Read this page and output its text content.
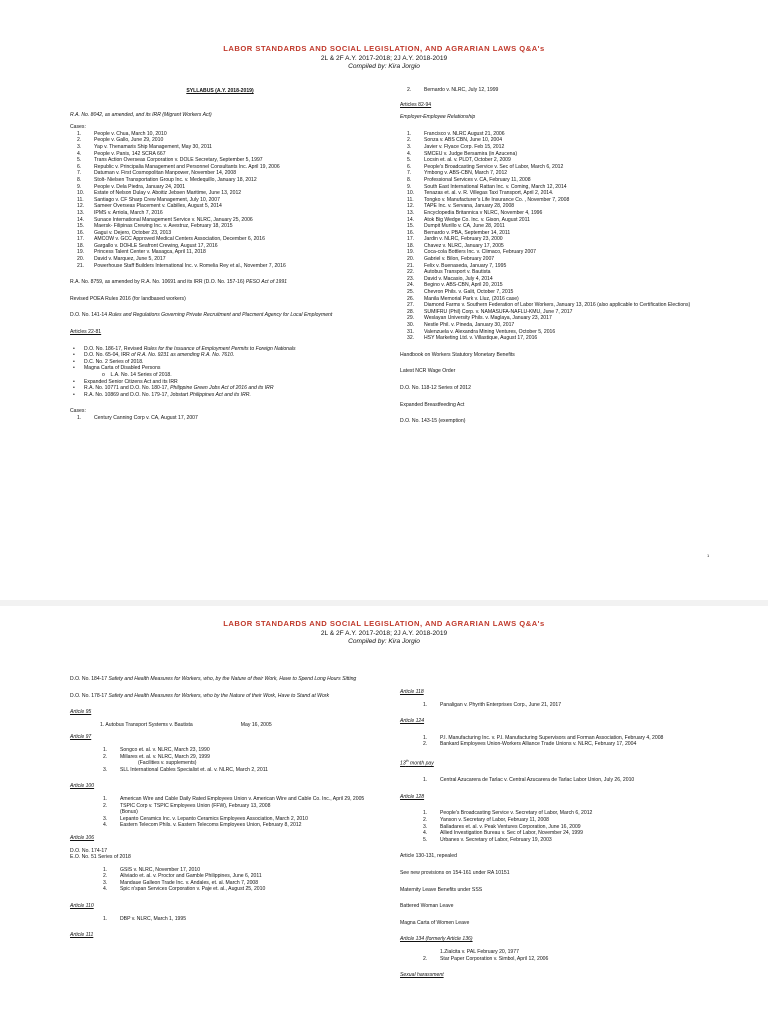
LABOR STANDARDS AND SOCIAL LEGISLATION, AND AGRARIAN LAWS Q&A's
2L & 2F A.Y. 2017-2018; 2J A.Y. 2018-2019
Compiled by: Kira Jorgio

SYLLABUS (A.Y. 2018-2019)

R.A. No. 8042, as amended, and its IRR (Migrant Workers Act)

Cases:

1.	People v. Chua, March 10, 2010
2.	People v. Gallo, June 29, 2010
3.	Yap v. Thenamaris Ship Management, May 30, 2011
4.	People v. Panis, 142 SCRA 667
5.	Trans Action Overseas Corporation v. DOLE Secretary, September 5, 1997
6.	Republic v. Principalia Management and Personnel Consultants Inc. April 19, 2006
7.	Datuman v. First Cosmopolitan Manpower, November 14, 2008
8.	Stolt- Nielsen Transportation Group Inc. v. Medequillo, January 18, 2012
9.	People v. Dela Piedra, January 24, 2001
10. Estate of Nelson Dulay v. Aboitiz Jebsen Maritime, June 13, 2012
11. Santiago v. CF Sharp Crew Management, July 10, 2007
12. Sameer Overseas Placement v. Cabilles, August 5, 2014
13. IPMS v. Arriola, March 7, 2016
14. Sunace International Management Service v. NLRC, January 25, 2006
15. Maersk- Filipinas Crewing Inc. v. Avestruz, February 18, 2015
16. Gagui v. Dejero, October 23, 2013
17. AMCOW v. GCC Approved Medical Centers Association, December 6, 2016
18. Gargallo v. DOHLE Seafront Crewing, August 17, 2016
19. Princess Talent Center v. Masagca, April 11, 2018
20. David v. Marquez, June 5, 2017
21. Powerhouse Staff Builders International Inc. v. Romelia Rey et al., November 7, 2016

R.A. No. 8759, as amended by R.A. No. 10691 and its IRR (D.O. No. 157-16) PESO Act of 1991

Revised POEA Rules 2016 (for landbased workers)

D.O. No. 141-14 Rules and Regulations Governing Private Recruitment and Placment Agency for Local Employment

Articles 22-81

• D.O. No. 186-17, Revised Rules for the Issuance of Employment Permits to Foreign Nationals
• D.O. No. 65-04, IRR of R.A. No. 9231 as amending R.A. No. 7610.
• D.C. No. 2 Series of 2018.
• Magna Carta of Disabled Persons
o    L.A. No. 14 Series of 2018.
• Expanded Senior Citizens Act and its IRR
• R.A. No. 10771 and D.O. No. 180-17, Philippine Green Jobs Act of 2016 and its IRR
• R.A. No. 10869 and D.O. No. 179-17, Jobstart Philippines Act and its IRR.

Cases:

1.	Century Canning Corp v. CA, August 17, 2007
2.	Bernardo v. NLRC, July 12, 1999

Articles 82-94

Employer-Employee Relationship

1.	Francisco v. NLRC August 21, 2006
2.	Sonza v. ABS CBN, June 10, 2004
3.	Javier v. Flyace Corp. Feb 15, 2012
4.	SMCEU v. Judge Bersamira (in Azucena)
5.	Locsin et. al. v. PLDT, October 2, 2009
6.	People's Broadcasting Service v. Sec of Labor, March 6, 2012
7.	Ymbong v. ABS-CBN, March 7, 2012
8.	Professional Services v. CA, February 11, 2008
9.	South East International Rattan Inc. v. Coming, March 12, 2014
10. Tenazas et. al. v. R. Villegas Taxi Transport, April 2, 2014.
11. Tongko v. Manufacturer's Life Insurance Co. , November 7, 2008
12. TAPE Inc. v. Servana, January 28, 2008
13. Encyclopedia Britannica v NLRC, November 4, 1996
14. Atok Big Wedge Co. Inc. v. Gison, August 2011
15. Dumpit Murillo v. CA, June 28, 2011
16. Bernardo v. PBA, September 14, 2011
17. Jardin v. NLRC, February 23, 2000
18. Chavez v. NLRC, January 17, 2005
19. Coca-cola Bottlers Inc. v. Climaco, February 2007
20. Gabriel v. Bilon, February 2007
21. Felix v. Buenaseda, January 7, 1995
22. Autobus Transport v. Bautista
23. David v. Macasio, July 4, 2014
24. Begino v. ABS-CBN, April 20, 2015
25. Chevron Phils. v. Galit, October 7, 2015
26. Manila Memorial Park v. Lluz, (2016 case)
27. Diamond Farms v. Southern Federation of Labor Workers, January 13, 2016 (also applicable to Certification Elections)
28. SUMIFRU (Phil) Corp. v. NAMASUFA-NAFLU-KMU, June 7, 2017
29. Weslayan University Phils. v. Maglaya, January 23, 2017
30. Nestle Phil. v. Pineda, January 30, 2017
31. Valenzuela v. Alexandra Mining Ventures, October 5, 2016
32. HSY Marketing Ltd. v. Villastique, August 17, 2016

Handbook on Workers Statutory Monetary Benefits

Latest NCR Wage Order

D.O. No. 118-12 Series of 2012

Expanded Breastfeeding Act

D.O. No. 143-15 (exemption)

1
LABOR STANDARDS AND SOCIAL LEGISLATION, AND AGRARIAN LAWS Q&A's
2L & 2F A.Y. 2017-2018; 2J A.Y. 2018-2019
Compiled by: Kira Jorgio

D.O. No. 184-17 Safety and Health Measures for Workers, who, by the Nature of their Work, Have to Spend Long Hours Sitting

D.O. No. 178-17 Safety and Health Measures for Workers, who by the Nature of their Work, Have to Stand at Work

Article 95

1. Autobus Transport Systems v. Bautista	May 16, 2005

Article 97

1.	Songco et. al. v. NLRC, March 23, 1990
2.	Millares et. al. v. NLRC, March 29, 1999
(Facilities v. supplements)
3.	SLL International Cables Specialist et. al. v. NLRC, March 2, 2011

Article 100

1.	American Wire and Cable Daily Rated Employees Union v. American Wire and Cable Co. Inc., April 29, 2005
2.	TSPIC Corp v. TSPIC Employees Union (FFW), February 13, 2008
(Bonus)
3.	Lepanto Ceramics Inc. v. Lepanto Ceramics Employees Association, March 2, 2010
4.	Eastern Telecom Phils. v. Eastern Telecoms Employees Union, February 8, 2012

Article 106

D.O. No. 174-17

E.O. No. 51 Series of 2018

1.	GSIS v. NLRC, November 17, 2010
2.	Aliviado et. al. v. Proctor and Gamble Philippines, June 6, 2011
3.	Mandaue Galleon Trade Inc. v. Andales, et. al. March 7, 2008
4.	Spic n'span Services Corporation v. Paje et. al., August 25, 2010

Article 110

1.	DBP v. NLRC, March 1, 1995

Article 111

Article 118

1.	Panaligan v. Phyrith Enterprises Corp., June 21, 2017

Article 124

1.	P.I. Manufacturing Inc. v. P.I. Manufacturing Supervisors and Forman Association, February 4, 2008
2.	Bankard Employees Union-Workers Alliance Trade Unions v. NLRC, February 17, 2004

13th month pay

1.	Central Azucarera de Tarlac v. Central Azucarera de Tarlac Labor Union, July 26, 2010

Article 128

1.	People's Broadcasting Service v. Secretary of Labor, March 6, 2012
2.	Yanson v. Secretary of Labor, February 11, 2008
3.	Balladares et. al. v. Peak Ventures Corporation, June 16, 2009
4.	Allied Investigation Bureau v. Sec of Labor, November 24, 1999
5.	Urbanes v. Secretary of Labor, February 19, 2003

Article 130-131, repealed

See new provisions on 154-161 under RA 10151

Maternity Leave Benefits under SSS

Battered Woman Leave

Magna Carta of Women Leave

Article 134 (formerly Article 136)

1.Zialcita v. PAL February 20, 1977
2.	Star Paper Corporation v. Simbol, April 12, 2006

Sexual harassment
